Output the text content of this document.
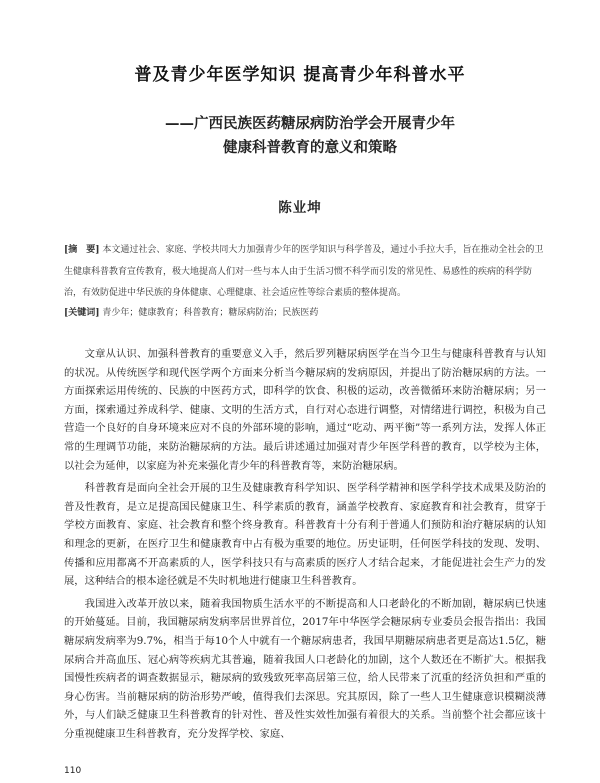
普及青少年医学知识 提高青少年科普水平
——广西民族医药糖尿病防治学会开展青少年
健康科普教育的意义和策略
陈业坤
[摘　要] 本文通过社会、家庭、学校共同大力加强青少年的医学知识与科学普及，通过小手拉大手，旨在推动全社会的卫生健康科普教育宣传教育，极大地提高人们对一些与本人由于生活习惯不科学而引发的常见性、易感性的疾病的科学防治，有效防促进中华民族的身体健康、心理健康、社会适应性等综合素质的整体提高。
[关键词] 青少年；健康教育；科普教育；糖尿病防治；民族医药

文章从认识、加强科普教育的重要意义入手，然后罗列糖尿病医学在当今卫生与健康科普教育与认知的状况。从传统医学和现代医学两个方面来分析当今糖尿病的发病原因，并提出了防治糖尿病的方法。一方面探索运用传统的、民族的中医药方式，即科学的饮食、积极的运动，改善微循环来防治糖尿病；另一方面，探索通过养成科学、健康、文明的生活方式，自行对心态进行调整，对情绪进行调控，积极为自己营造一个良好的自身环境来应对不良的外部环境的影响，通过“吃动、两平衡”等一系列方法，发挥人体正常的生理调节功能，来防治糖尿病的方法。最后讲述通过加强对青少年医学科普的教育，以学校为主体，以社会为延伸，以家庭为补充来强化青少年的科普教育等，来防治糖尿病。

科普教育是面向全社会开展的卫生及健康教育科学知识、医学科学精神和医学科学技术成果及防治的普及性教育，是立足提高国民健康卫生、科学素质的教育，涵盖学校教育、家庭教育和社会教育，贯穿于学校方面教育、家庭、社会教育和整个终身教育。科普教育十分有利于普通人们预防和治疗糖尿病的认知和理念的更新，在医疗卫生和健康教育中占有极为重要的地位。历史证明，任何医学科技的发现、发明、传播和应用都离不开高素质的人，医学科技只有与高素质的医疗人才结合起来，才能促进社会生产力的发展，这种结合的根本途径就是不失时机地进行健康卫生科普教育。

我国进入改革开放以来，随着我国物质生活水平的不断提高和人口老龄化的不断加剧，糖尿病已快速的开始蔓延。目前，我国糖尿病发病率居世界首位，2017年中华医学会糖尿病专业委员会报告指出：我国糖尿病发病率为9.7%，相当于每10个人中就有一个糖尿病患者，我国早期糖尿病患者更是高达1.5亿，糖尿病合并高血压、冠心病等疾病尤其普遍，随着我国人口老龄化的加剧，这个人数还在不断扩大。根据我国慢性疾病者的调查数据显示，糖尿病的致残致死率高居第三位，给人民带来了沉重的经济负担和严重的身心伤害。当前糖尿病的防治形势严峻，值得我们去深思。究其原因，除了一些人卫生健康意识模糊淡薄外，与人们缺乏健康卫生科普教育的针对性、普及性实效性加强有着很大的关系。当前整个社会都应该十分重视健康卫生科普教育，充分发挥学校、家庭、

110
